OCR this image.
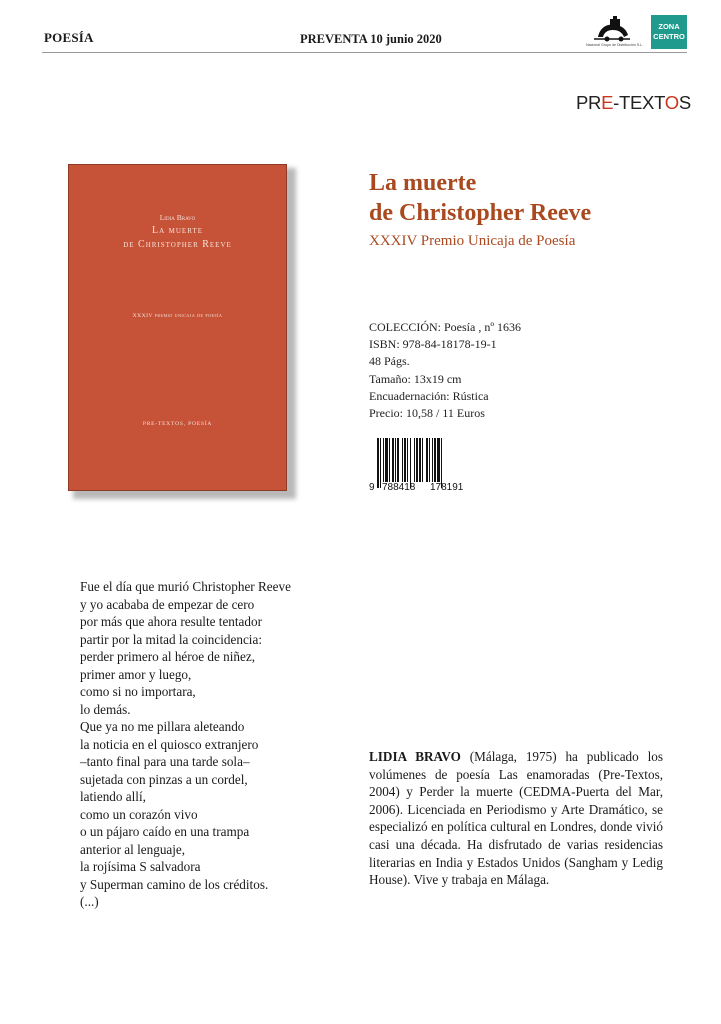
POESÍA	PREVENTA 10 junio 2020	Nacional Grupo de Distribución S.L.
ZONA
CENTRO
PRE-TEXTOS
Lidia Bravo
La muerte
de Christopher Reeve
XXXIV premio unicaja de poesía
PRE-TEXTOS, POESÍA
La muerte
de Christopher Reeve
XXXIV Premio Unicaja de Poesía
COLECCIÓN: Poesía , nº 1636
ISBN: 978-84-18178-19-1
48 Págs.
Tamaño: 13x19 cm
Encuadernación: Rústica
Precio: 10,58 / 11 Euros
9 788418 178191
Fue el día que murió Christopher Reeve
y yo acababa de empezar de cero
por más que ahora resulte tentador
partir por la mitad la coincidencia:
perder primero al héroe de niñez,
primer amor y luego,
como si no importara,
lo demás.
Que ya no me pillara aleteando
la noticia en el quiosco extranjero
–tanto final para una tarde sola–
sujetada con pinzas a un cordel,
latiendo allí,
como un corazón vivo
o un pájaro caído en una trampa
anterior al lenguaje,
la rojísima S salvadora
y Superman camino de los créditos.
(...)
LIDIA BRAVO (Málaga, 1975) ha publicado los volúmenes de poesía Las enamoradas (Pre-Textos, 2004) y Perder la muerte (CEDMA-Puerta del Mar, 2006). Licenciada en Periodismo y Arte Dramático, se especializó en política cultural en Londres, donde vivió casi una década. Ha disfrutado de varias residencias literarias en India y Estados Unidos (Sangham y Ledig House). Vive y trabaja en Málaga.
